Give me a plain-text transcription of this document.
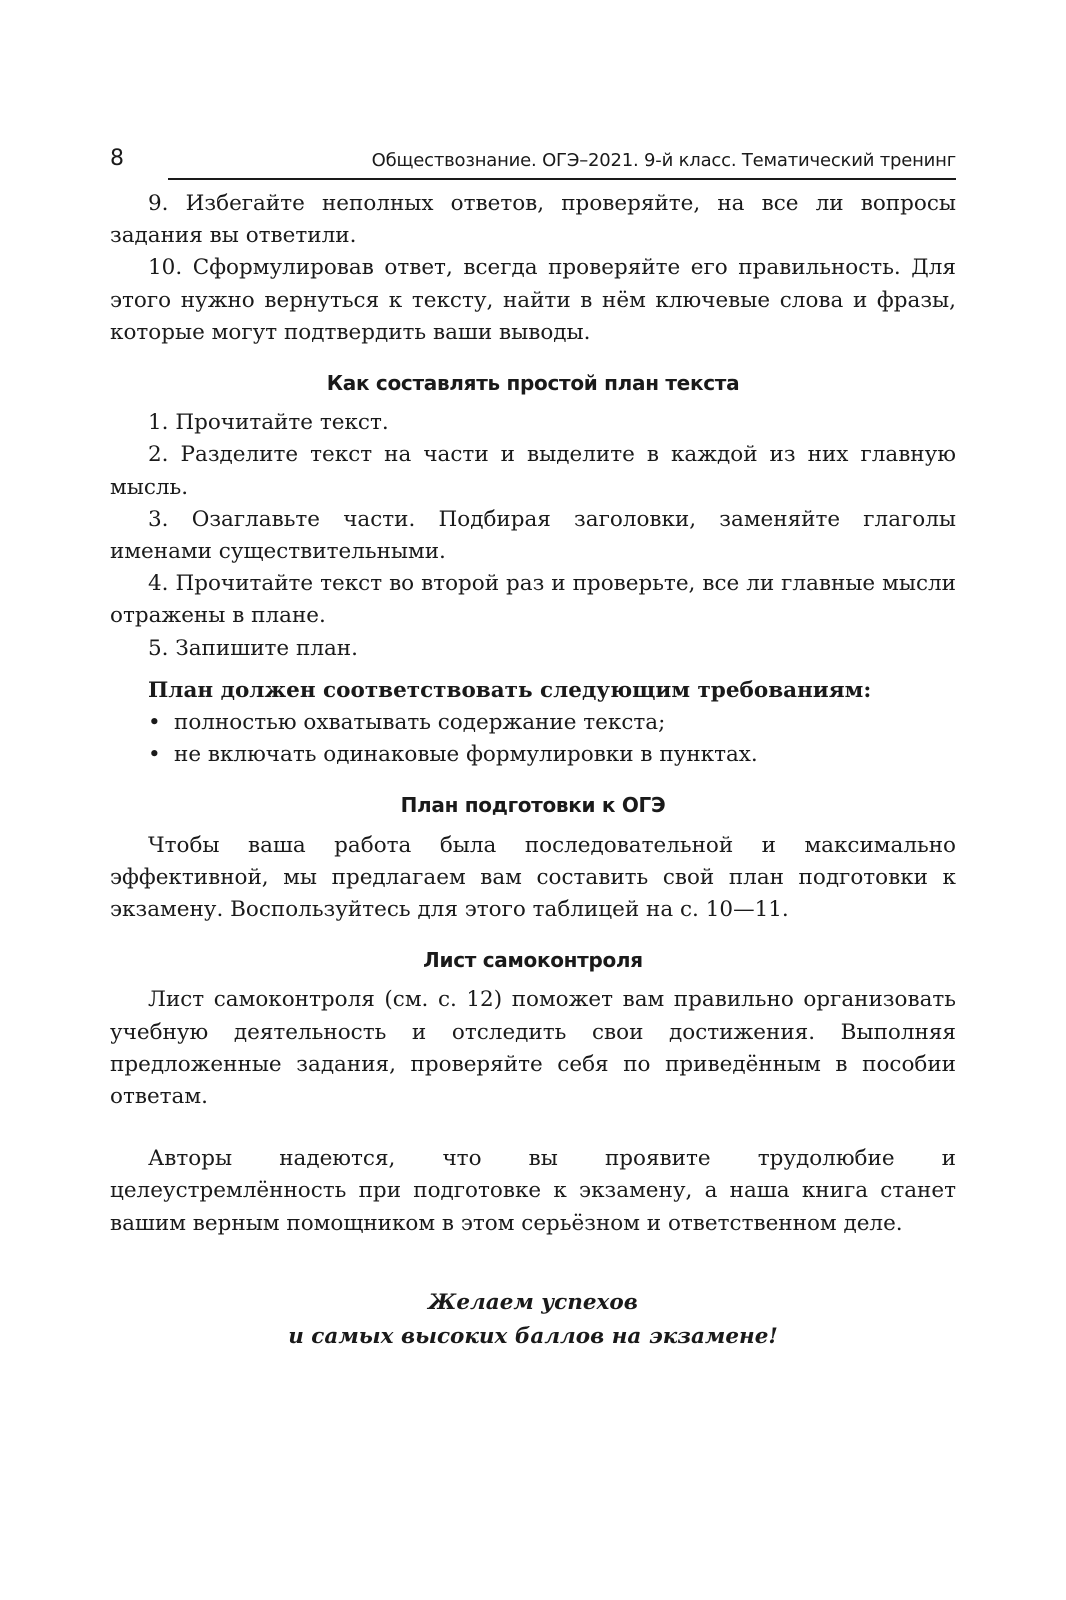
8	Обществознание. ОГЭ–2021. 9-й класс. Тематический тренинг

9. Избегайте неполных ответов, проверяйте, на все ли вопросы задания вы ответили.

10. Сформулировав ответ, всегда проверяйте его правильность. Для этого нужно вернуться к тексту, найти в нём ключевые слова и фразы, которые могут подтвердить ваши выводы.

Как составлять простой план текста

1. Прочитайте текст.

2. Разделите текст на части и выделите в каждой из них главную мысль.

3. Озаглавьте части. Подбирая заголовки, заменяйте глаголы именами существительными.

4. Прочитайте текст во второй раз и проверьте, все ли главные мысли отражены в плане.

5. Запишите план.

План должен соответствовать следующим требованиям:
• полностью охватывать содержание текста;
• не включать одинаковые формулировки в пунктах.
План подготовки к ОГЭ

Чтобы ваша работа была последовательной и максимально эффективной, мы предлагаем вам составить свой план подготовки к экзамену. Воспользуйтесь для этого таблицей на с. 10—11.

Лист самоконтроля

Лист самоконтроля (см. с. 12) поможет вам правильно организовать учебную деятельность и отследить свои достижения. Выполняя предложенные задания, проверяйте себя по приведённым в пособии ответам.

Авторы надеются, что вы проявите трудолюбие и целеустремлённость при подготовке к экзамену, а наша книга станет вашим верным помощником в этом серьёзном и ответственном деле.

Желаем успехов
и самых высоких баллов на экзамене!
